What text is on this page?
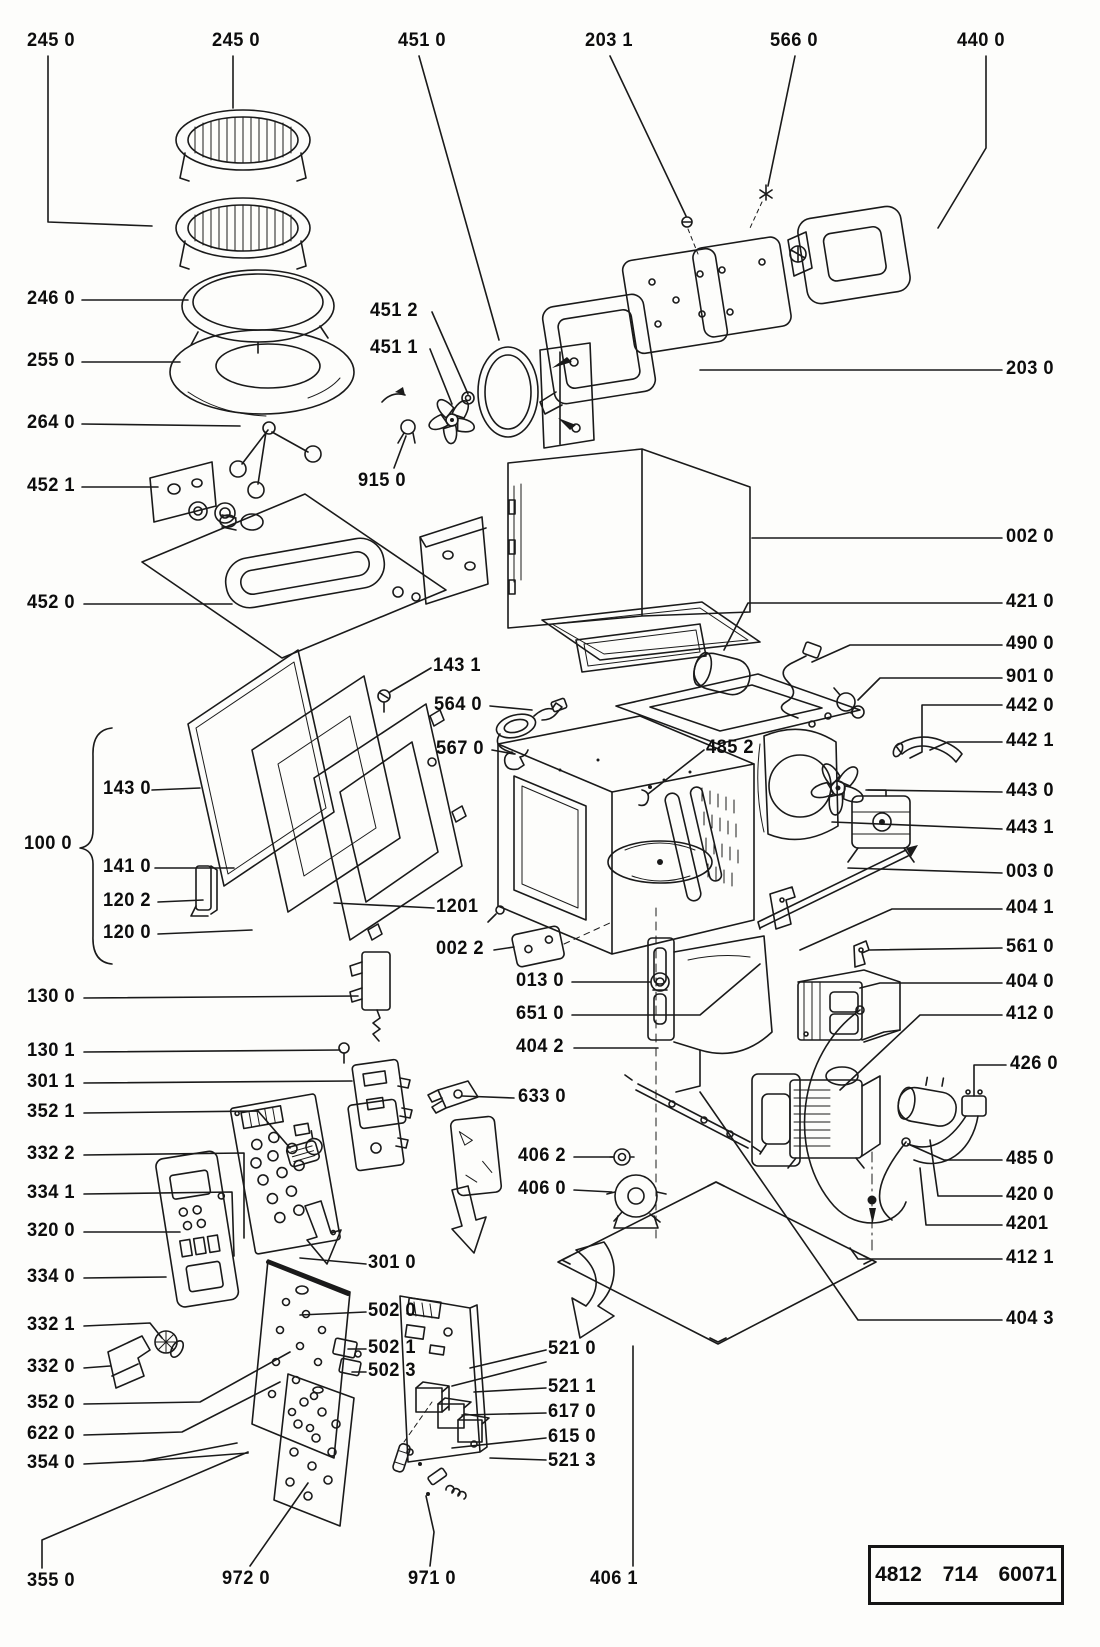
245 0	245 0	451 0	203 1	566 0	440 0
246 0
255 0
264 0
452 1
452 0
100 0
143 0
141 0
120 2
120 0
130 0
130 1
301 1
352 1
332 2
334 1
320 0
334 0
332 1
332 0
352 0
622 0
354 0
355 0
451 2
451 1
915 0
143 1
564 0
567 0	485 2
1201
002 2
013 0
651 0
404 2
633 0
406 2
406 0
301 0
502 0
502 1
502 3
521 0
521 1
617 0
615 0
521 3
972 0	971 0	406 1
203 0
002 0
421 0
490 0
901 0
442 0
442 1
443 0
443 1
003 0
404 1
561 0
404 0
412 0
426 0
485 0
420 0
4201
412 1
404 3
4812 714 60071
